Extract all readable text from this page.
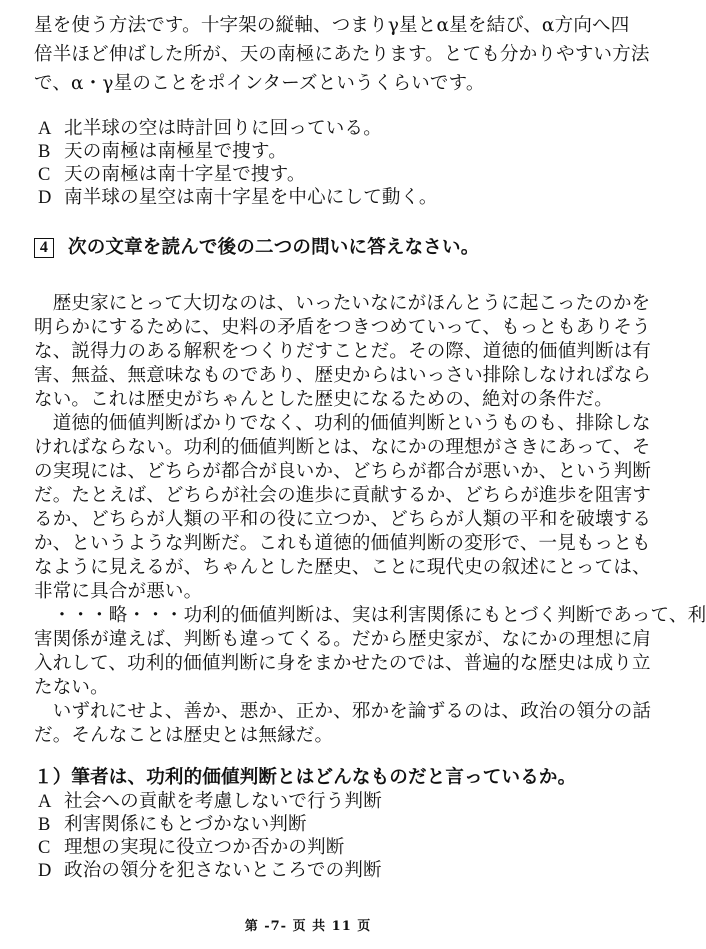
星を使う方法です。十字架の縦軸、つまりγ星とα星を結び、α方向へ四
倍半ほど伸ばした所が、天の南極にあたります。とても分かりやすい方法
で、α・γ星のことをポインターズというくらいです。
A 北半球の空は時計回りに回っている。
B 天の南極は南極星で捜す。
C 天の南極は南十字星で捜す。
D 南半球の星空は南十字星を中心にして動く。
4 次の文章を読んで後の二つの問いに答えなさい。
　歴史家にとって大切なのは、いったいなにがほんとうに起こったのかを
明らかにするために、史料の矛盾をつきつめていって、もっともありそう
な、説得力のある解釈をつくりだすことだ。その際、道徳的価値判断は有
害、無益、無意味なものであり、歴史からはいっさい排除しなければなら
ない。これは歴史がちゃんとした歴史になるための、絶対の条件だ。
　道徳的価値判断ばかりでなく、功利的価値判断というものも、排除しな
ければならない。功利的価値判断とは、なにかの理想がさきにあって、そ
の実現には、どちらが都合が良いか、どちらが都合が悪いか、という判断
だ。たとえば、どちらが社会の進歩に貢献するか、どちらが進歩を阻害す
るか、どちらが人類の平和の役に立つか、どちらが人類の平和を破壊する
か、というような判断だ。これも道徳的価値判断の変形で、一見もっとも
なように見えるが、ちゃんとした歴史、ことに現代史の叙述にとっては、
非常に具合が悪い。
　・・・略・・・功利的価値判断は、実は利害関係にもとづく判断であって、利
害関係が違えば、判断も違ってくる。だから歴史家が、なにかの理想に肩
入れして、功利的価値判断に身をまかせたのでは、普遍的な歴史は成り立
たない。
　いずれにせよ、善か、悪か、正か、邪かを論ずるのは、政治の領分の話
だ。そんなことは歴史とは無縁だ。
１）筆者は、功利的価値判断とはどんなものだと言っているか。
A 社会への貢献を考慮しないで行う判断
B 利害関係にもとづかない判断
C 理想の実現に役立つか否かの判断
D 政治の領分を犯さないところでの判断
第 -7- 页 共 11 页
